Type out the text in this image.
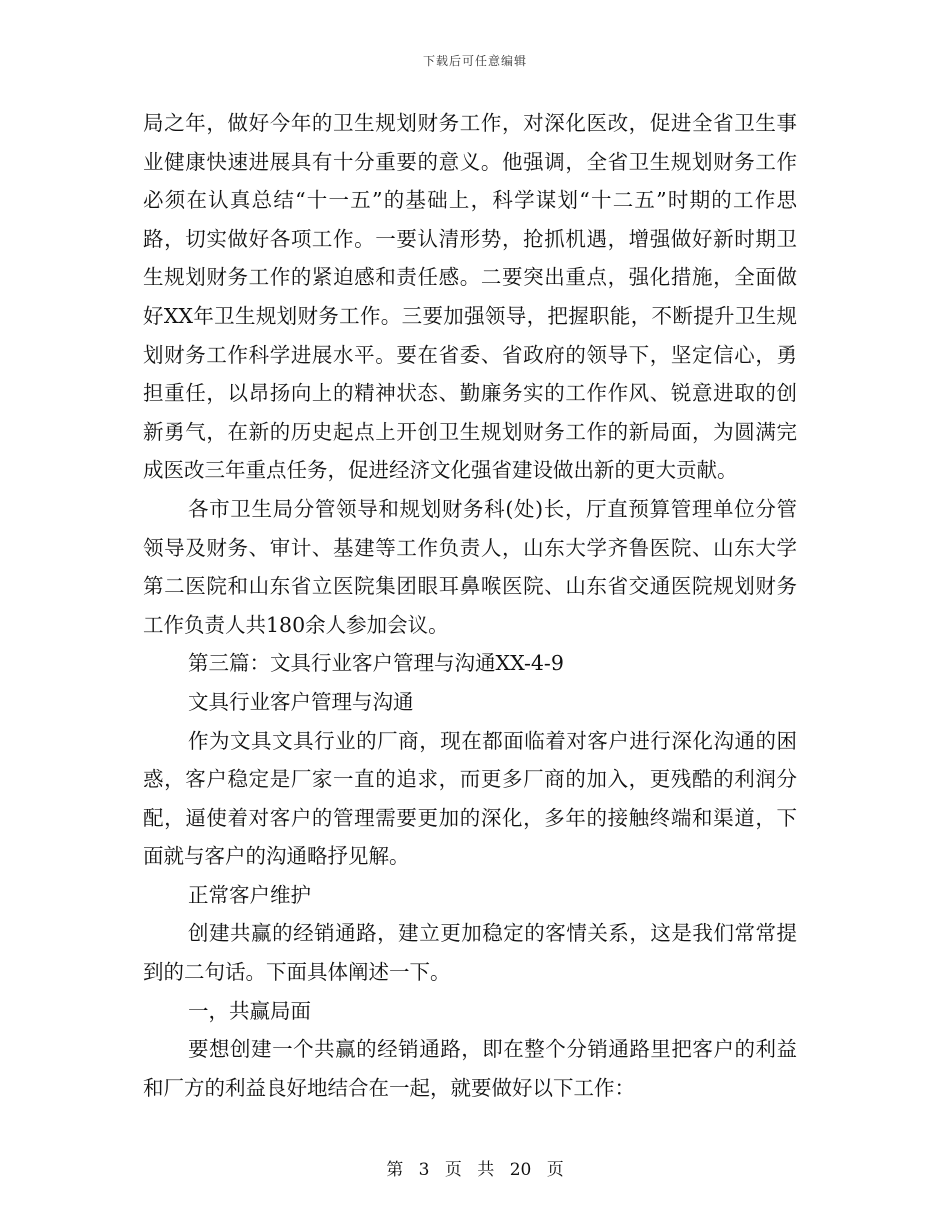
下载后可任意编辑

局之年，做好今年的卫生规划财务工作，对深化医改，促进全省卫生事业健康快速进展具有十分重要的意义。他强调，全省卫生规划财务工作必须在认真总结“十一五”的基础上，科学谋划“十二五”时期的工作思路，切实做好各项工作。一要认清形势，抢抓机遇，增强做好新时期卫生规划财务工作的紧迫感和责任感。二要突出重点，强化措施，全面做好XX年卫生规划财务工作。三要加强领导，把握职能，不断提升卫生规划财务工作科学进展水平。要在省委、省政府的领导下，坚定信心，勇担重任，以昂扬向上的精神状态、勤廉务实的工作作风、锐意进取的创新勇气，在新的历史起点上开创卫生规划财务工作的新局面，为圆满完成医改三年重点任务，促进经济文化强省建设做出新的更大贡献。

各市卫生局分管领导和规划财务科(处)长，厅直预算管理单位分管领导及财务、审计、基建等工作负责人，山东大学齐鲁医院、山东大学第二医院和山东省立医院集团眼耳鼻喉医院、山东省交通医院规划财务工作负责人共180余人参加会议。

第三篇：文具行业客户管理与沟通XX-4-9

文具行业客户管理与沟通

作为文具文具行业的厂商，现在都面临着对客户进行深化沟通的困惑，客户稳定是厂家一直的追求，而更多厂商的加入，更残酷的利润分配，逼使着对客户的管理需要更加的深化，多年的接触终端和渠道，下面就与客户的沟通略抒见解。

正常客户维护

创建共赢的经销通路，建立更加稳定的客情关系，这是我们常常提到的二句话。下面具体阐述一下。

一，共赢局面

要想创建一个共赢的经销通路，即在整个分销通路里把客户的利益和厂方的利益良好地结合在一起，就要做好以下工作：

第 3 页 共 20 页
